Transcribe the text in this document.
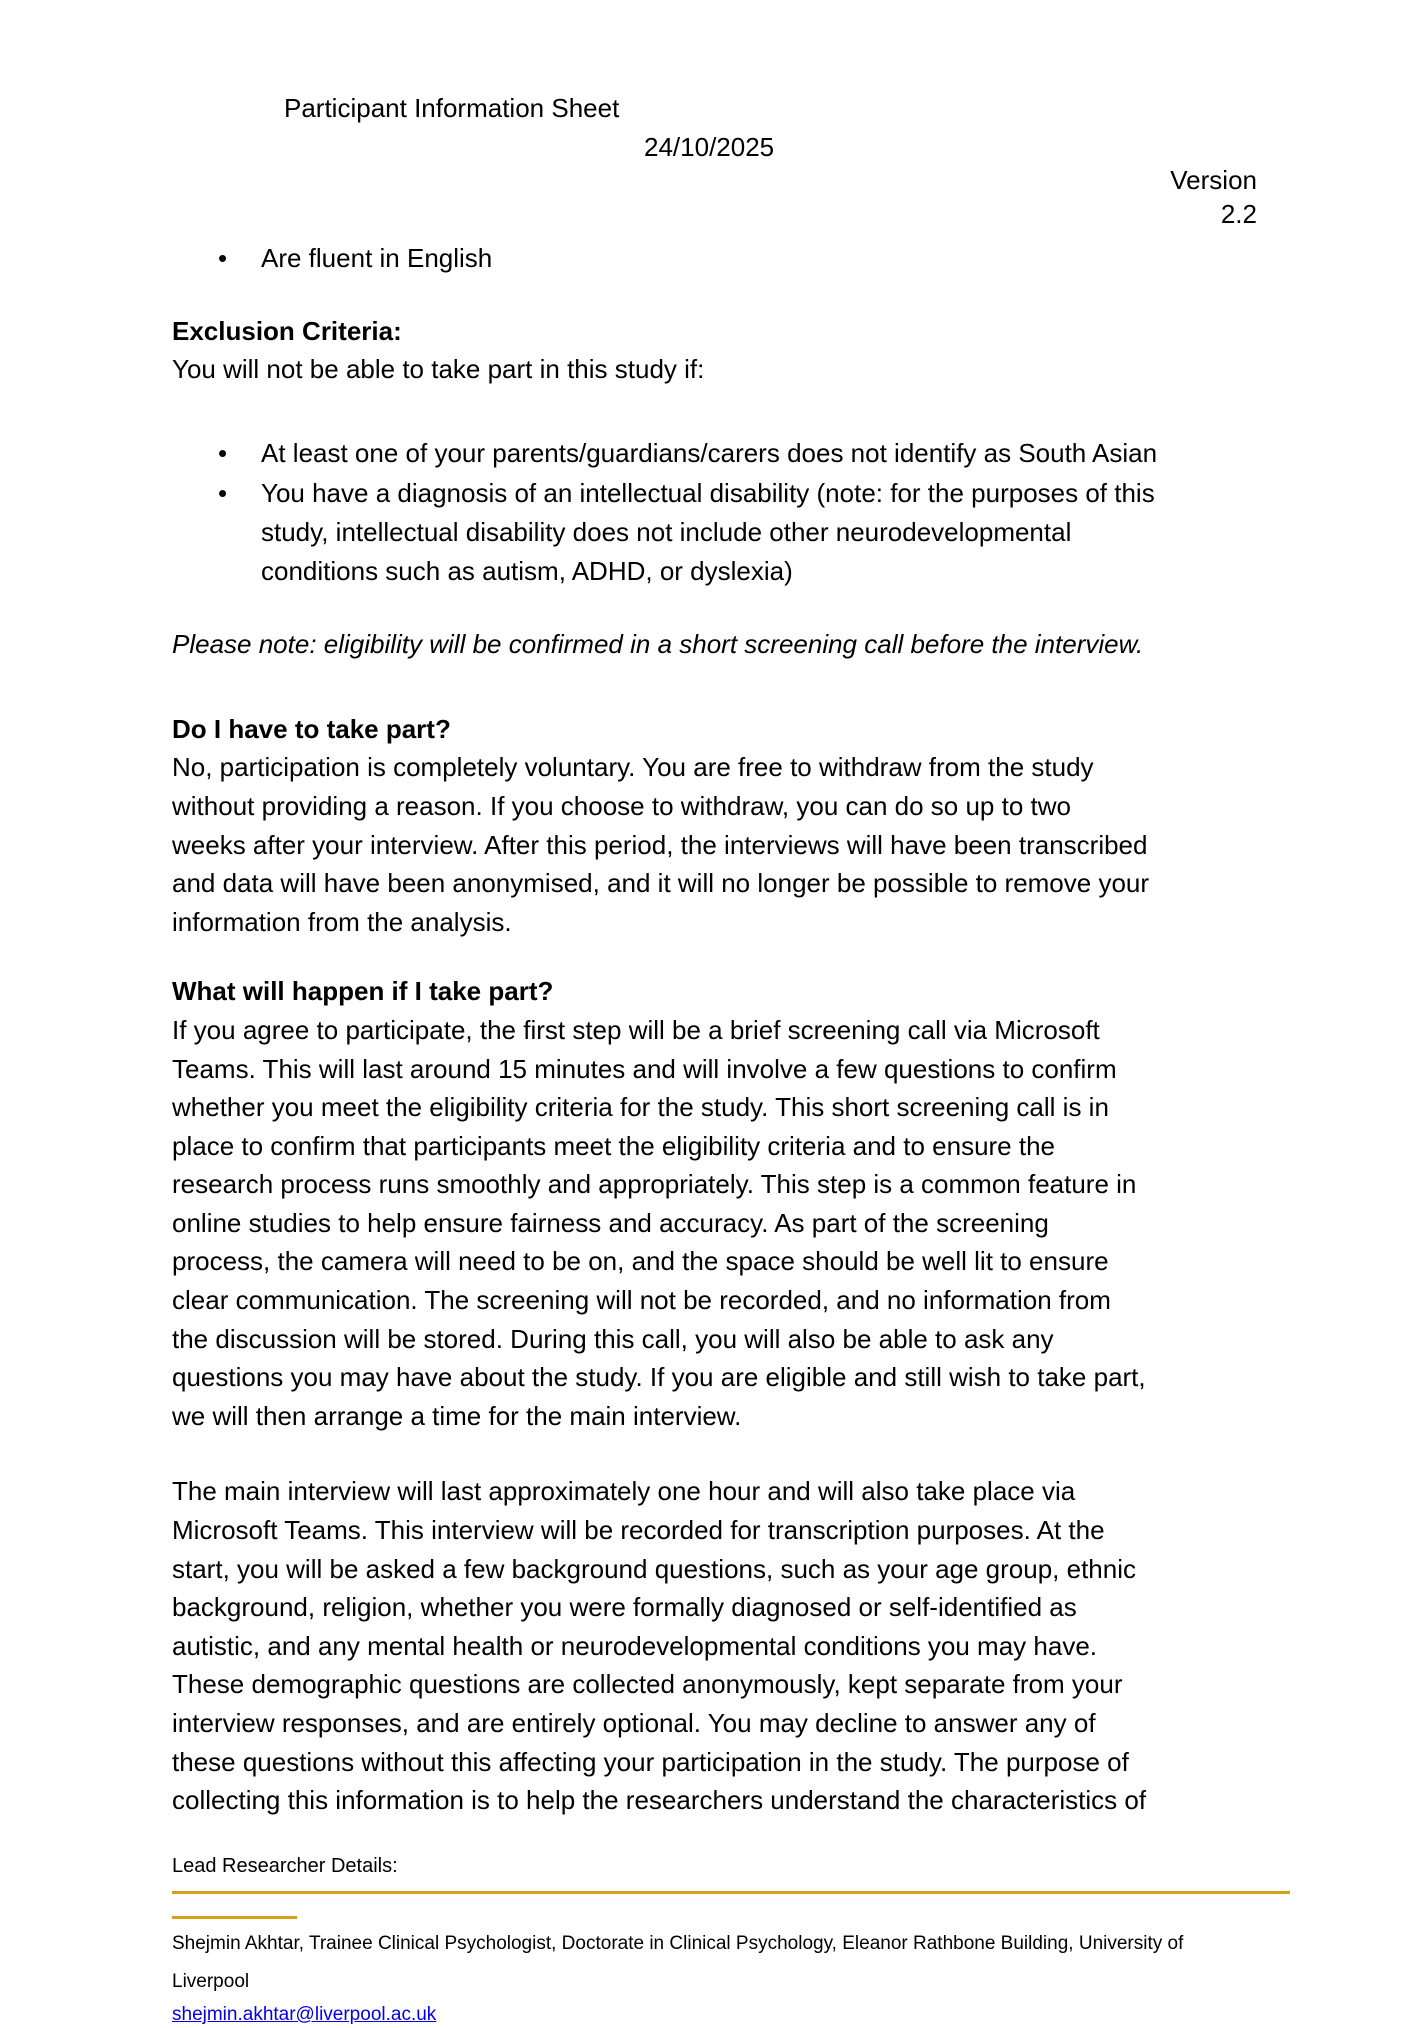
Participant Information Sheet
24/10/2025
Version
2.2
•	Are fluent in English
Exclusion Criteria:
You will not be able to take part in this study if:
•	At least one of your parents/guardians/carers does not identify as South Asian
•	You have a diagnosis of an intellectual disability (note: for the purposes of this
study, intellectual disability does not include other neurodevelopmental
conditions such as autism, ADHD, or dyslexia)
Please note: eligibility will be confirmed in a short screening call before the interview.
Do I have to take part?
No, participation is completely voluntary. You are free to withdraw from the study
without providing a reason. If you choose to withdraw, you can do so up to two
weeks after your interview. After this period, the interviews will have been transcribed
and data will have been anonymised, and it will no longer be possible to remove your
information from the analysis.
What will happen if I take part?
If you agree to participate, the first step will be a brief screening call via Microsoft
Teams. This will last around 15 minutes and will involve a few questions to confirm
whether you meet the eligibility criteria for the study. This short screening call is in
place to confirm that participants meet the eligibility criteria and to ensure the
research process runs smoothly and appropriately. This step is a common feature in
online studies to help ensure fairness and accuracy. As part of the screening
process, the camera will need to be on, and the space should be well lit to ensure
clear communication. The screening will not be recorded, and no information from
the discussion will be stored. During this call, you will also be able to ask any
questions you may have about the study. If you are eligible and still wish to take part,
we will then arrange a time for the main interview.
The main interview will last approximately one hour and will also take place via
Microsoft Teams. This interview will be recorded for transcription purposes. At the
start, you will be asked a few background questions, such as your age group, ethnic
background, religion, whether you were formally diagnosed or self-identified as
autistic, and any mental health or neurodevelopmental conditions you may have.
These demographic questions are collected anonymously, kept separate from your
interview responses, and are entirely optional. You may decline to answer any of
these questions without this affecting your participation in the study. The purpose of
collecting this information is to help the researchers understand the characteristics of
Lead Researcher Details:
Shejmin Akhtar, Trainee Clinical Psychologist, Doctorate in Clinical Psychology, Eleanor Rathbone Building, University of
Liverpool
shejmin.akhtar@liverpool.ac.uk
